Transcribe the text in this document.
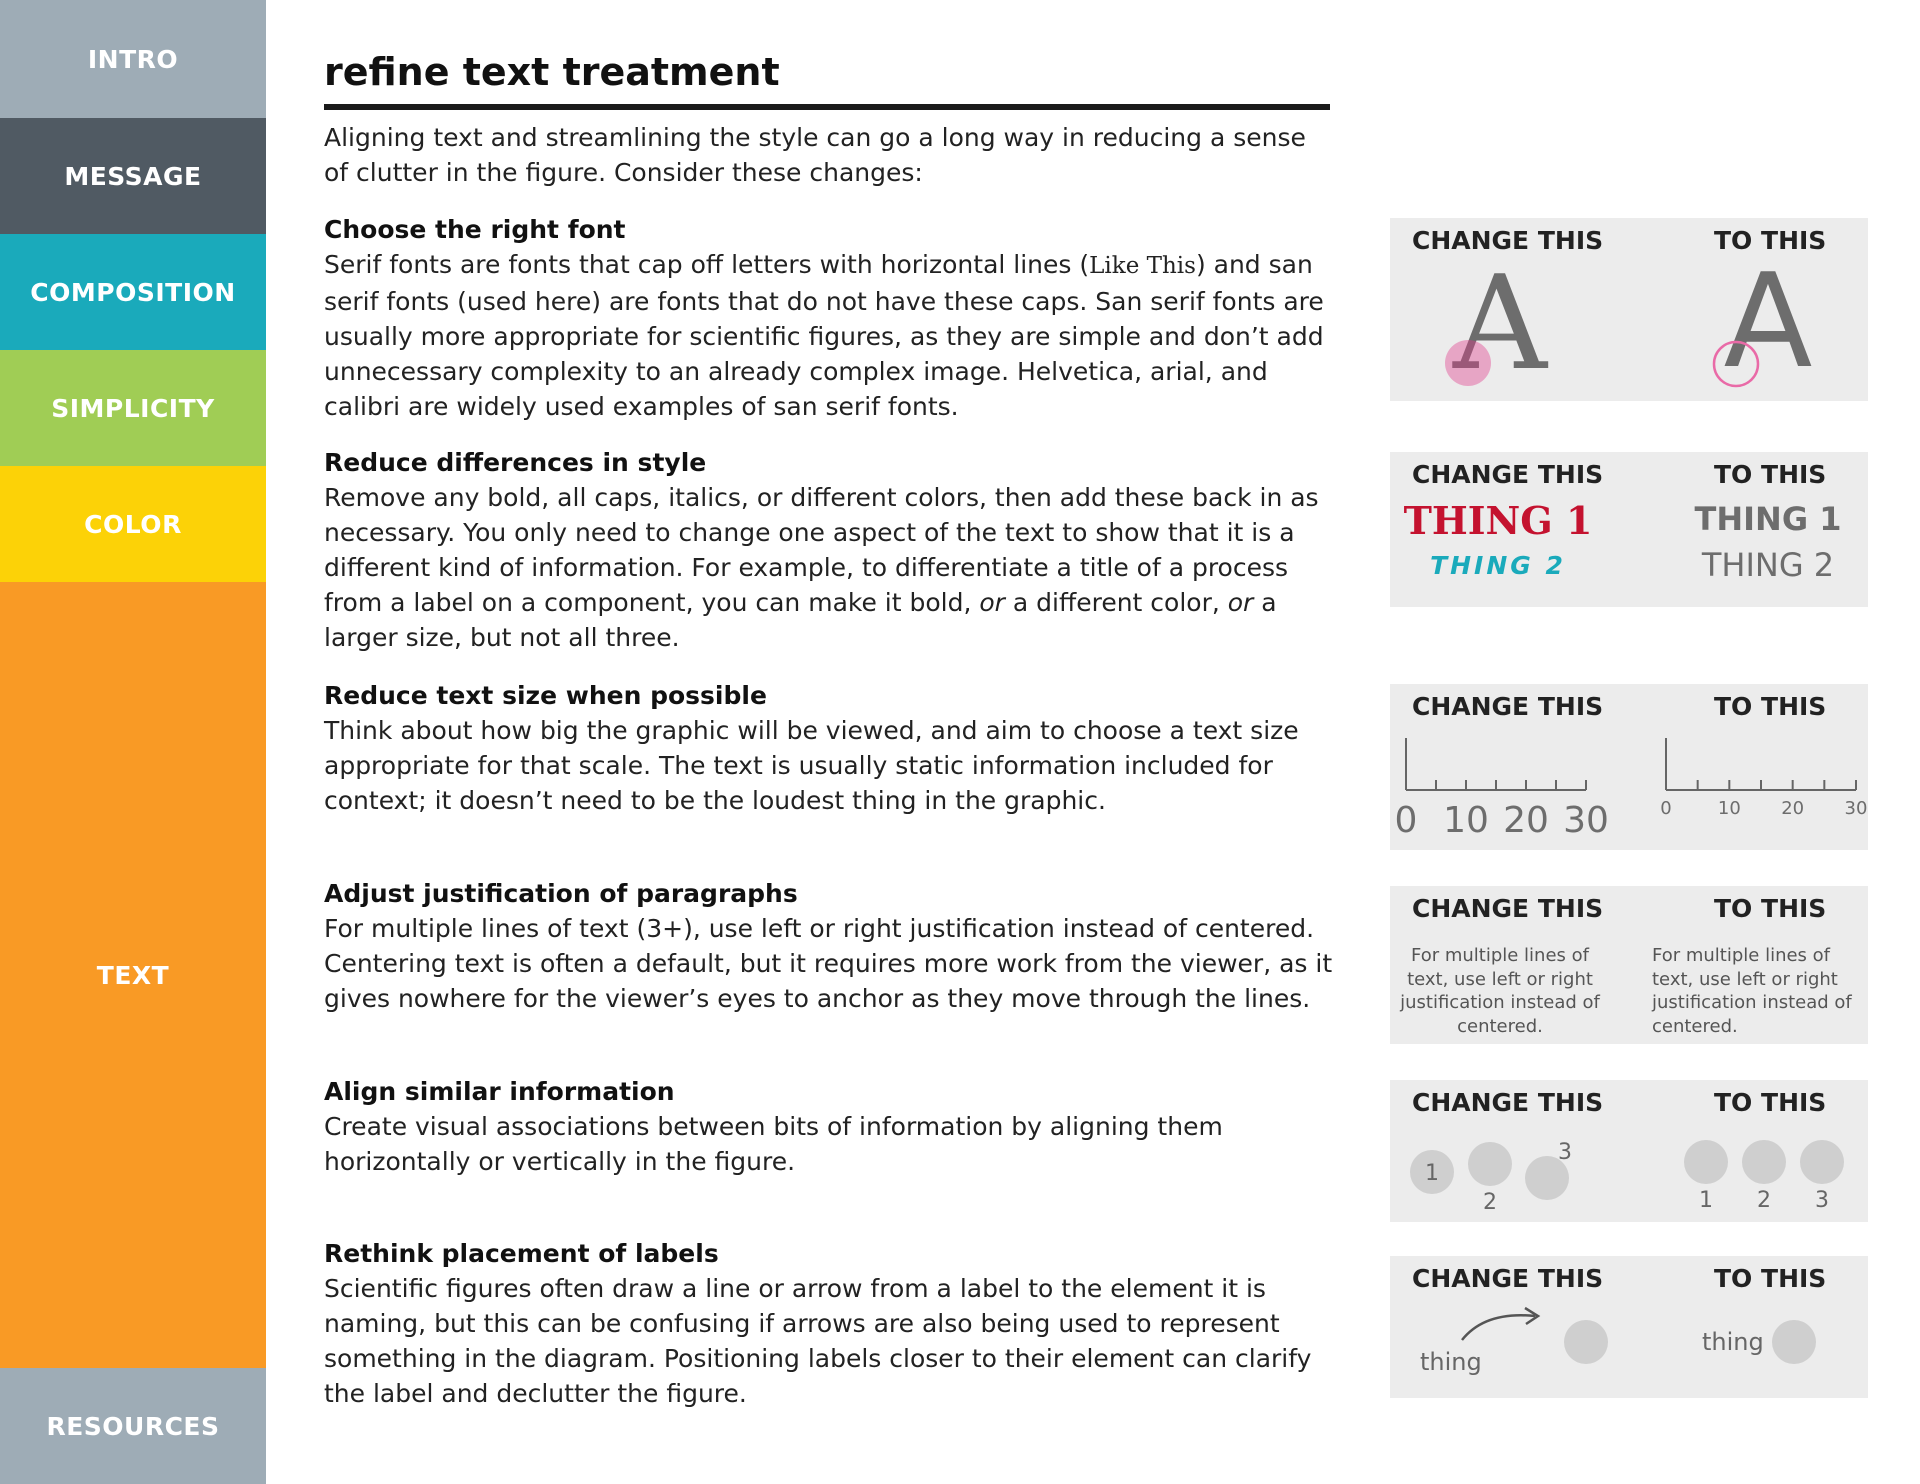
INTRO
MESSAGE
COMPOSITION
SIMPLICITY
COLOR
TEXT
RESOURCES
refine text treatment
Aligning text and streamlining the style can go a long way in reducing a sense of clutter in the figure. Consider these changes:
Choose the right font
Serif fonts are fonts that cap off letters with horizontal lines (Like This) and san serif fonts (used here) are fonts that do not have these caps. San serif fonts are usually more appropriate for scientific figures, as they are simple and don’t add unnecessary complexity to an already complex image. Helvetica, arial, and calibri are widely used examples of san serif fonts.
Reduce differences in style
Remove any bold, all caps, italics, or different colors, then add these back in as necessary. You only need to change one aspect of the text to show that it is a different kind of information. For example, to differentiate a title of a process from a label on a component, you can make it bold, or a different color, or a larger size, but not all three.
Reduce text size when possible
Think about how big the graphic will be viewed, and aim to choose a text size appropriate for that scale. The text is usually static information included for context; it doesn’t need to be the loudest thing in the graphic.
Adjust justification of paragraphs
For multiple lines of text (3+), use left or right justification instead of centered. Centering text is often a default, but it requires more work from the viewer, as it gives nowhere for the viewer’s eyes to anchor as they move through the lines.
Align similar information
Create visual associations between bits of information by aligning them horizontally or vertically in the figure.
Rethink placement of labels
Scientific figures often draw a line or arrow from a label to the element it is naming, but this can be confusing if arrows are also being used to represent something in the diagram. Positioning labels closer to their element can clarify the label and declutter the figure.
CHANGE THIS	TO THIS
A A
CHANGE THIS	TO THIS
THING 1
THING 2
THING 1
THING 2
CHANGE THIS	TO THIS
0 10 20 30	0	10 20 30
CHANGE THIS	TO THIS
For multiple lines of
text, use left or right
justification instead of
centered.
For multiple lines of
text, use left or right
justification instead of
centered.
CHANGE THIS	TO THIS
1
2
3
1 2 3
CHANGE THIS	TO THIS
thing
thing
